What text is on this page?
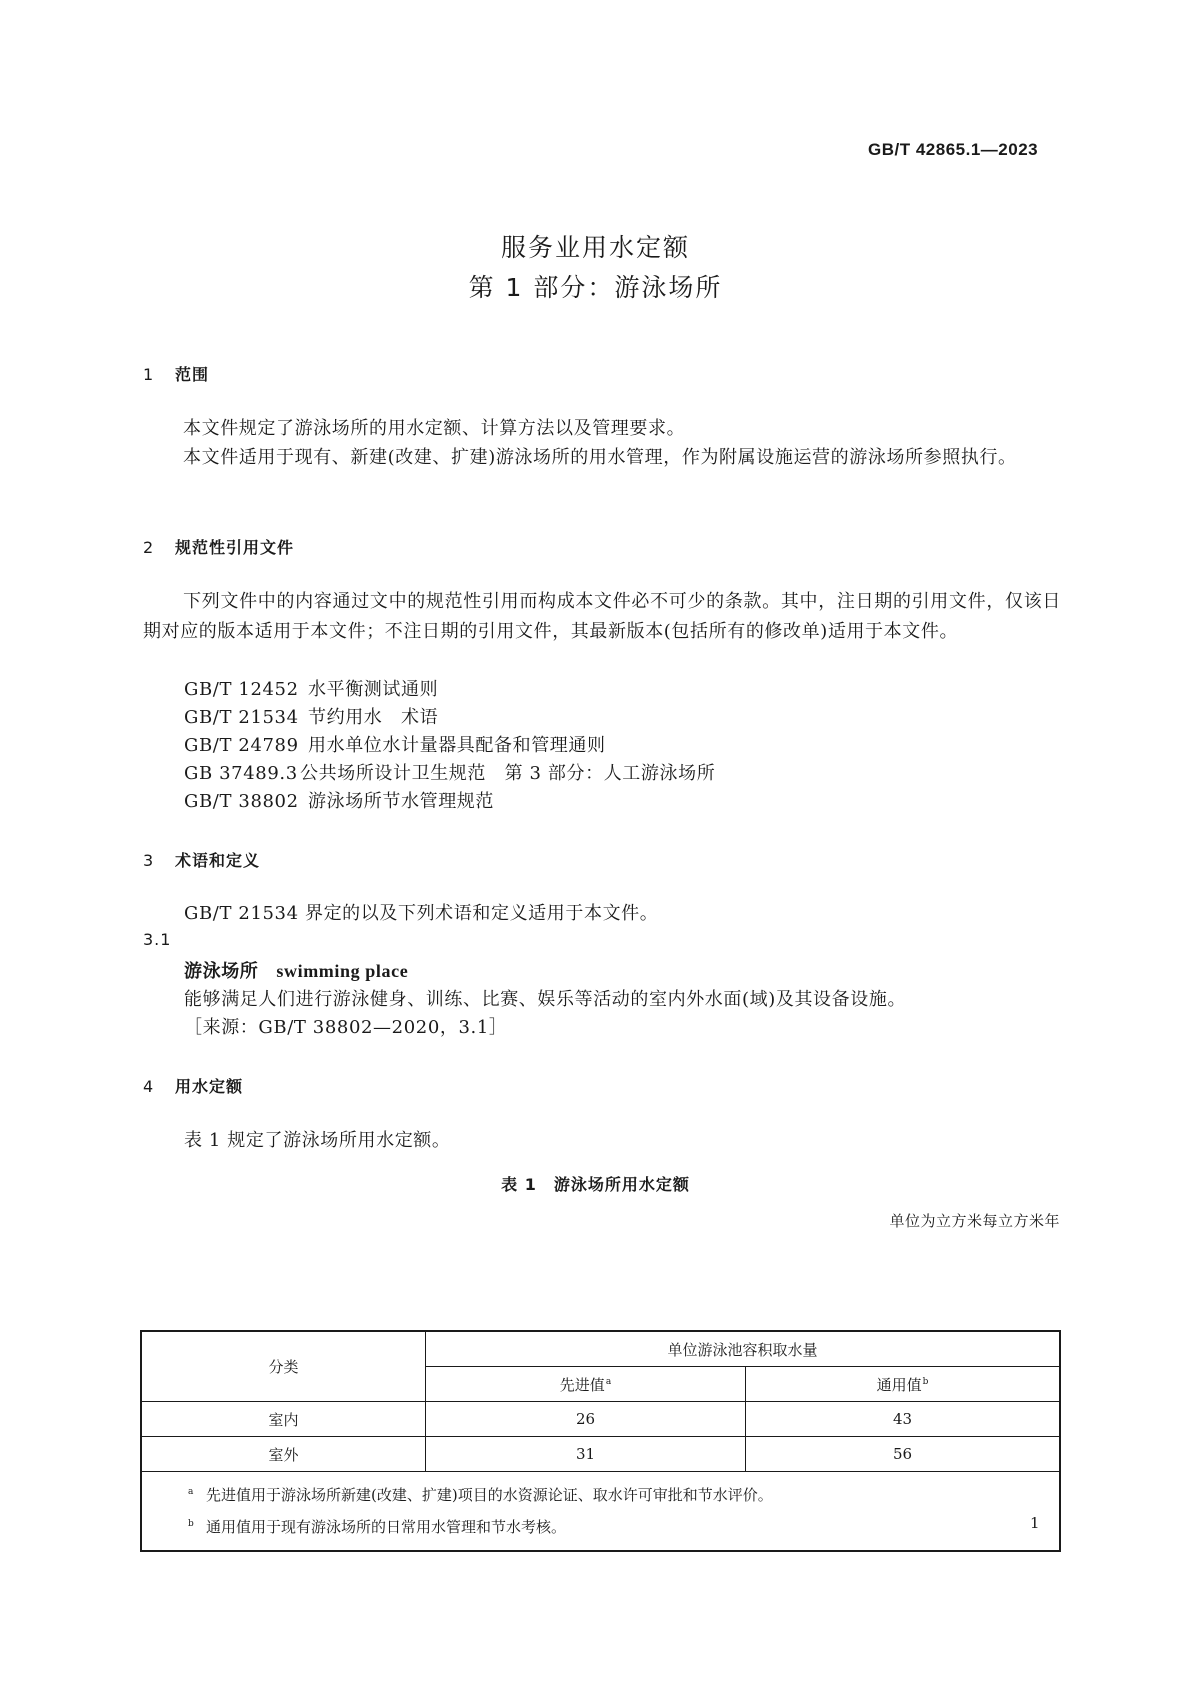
GB/T 42865.1—2023
服务业用水定额
第 1 部分：游泳场所
1 范围
本文件规定了游泳场所的用水定额、计算方法以及管理要求。
本文件适用于现有、新建(改建、扩建)游泳场所的用水管理，作为附属设施运营的游泳场所参照执行。
2 规范性引用文件
下列文件中的内容通过文中的规范性引用而构成本文件必不可少的条款。其中，注日期的引用文件，仅该日期对应的版本适用于本文件；不注日期的引用文件，其最新版本(包括所有的修改单)适用于本文件。
GB/T 12452 水平衡测试通则
GB/T 21534 节约用水　术语
GB/T 24789 用水单位水计量器具配备和管理通则
GB 37489.3 公共场所设计卫生规范　第 3 部分：人工游泳场所
GB/T 38802 游泳场所节水管理规范
3 术语和定义
GB/T 21534 界定的以及下列术语和定义适用于本文件。
3.1
游泳场所 swimming place
能够满足人们进行游泳健身、训练、比赛、娱乐等活动的室内外水面(域)及其设备设施。
［来源：GB/T 38802—2020，3.1］
4 用水定额
表 1 规定了游泳场所用水定额。
表 1　游泳场所用水定额
单位为立方米每立方米年
分类	单位游泳池容积取水量	
	先进值$^a$	通用值$^b$
室内	26	43
室外	31	56

a 先进值用于游泳场所新建(改建、扩建)项目的水资源论证、取水许可审批和节水评价。
b 通用值用于现有游泳场所的日常用水管理和节水考核。			1
